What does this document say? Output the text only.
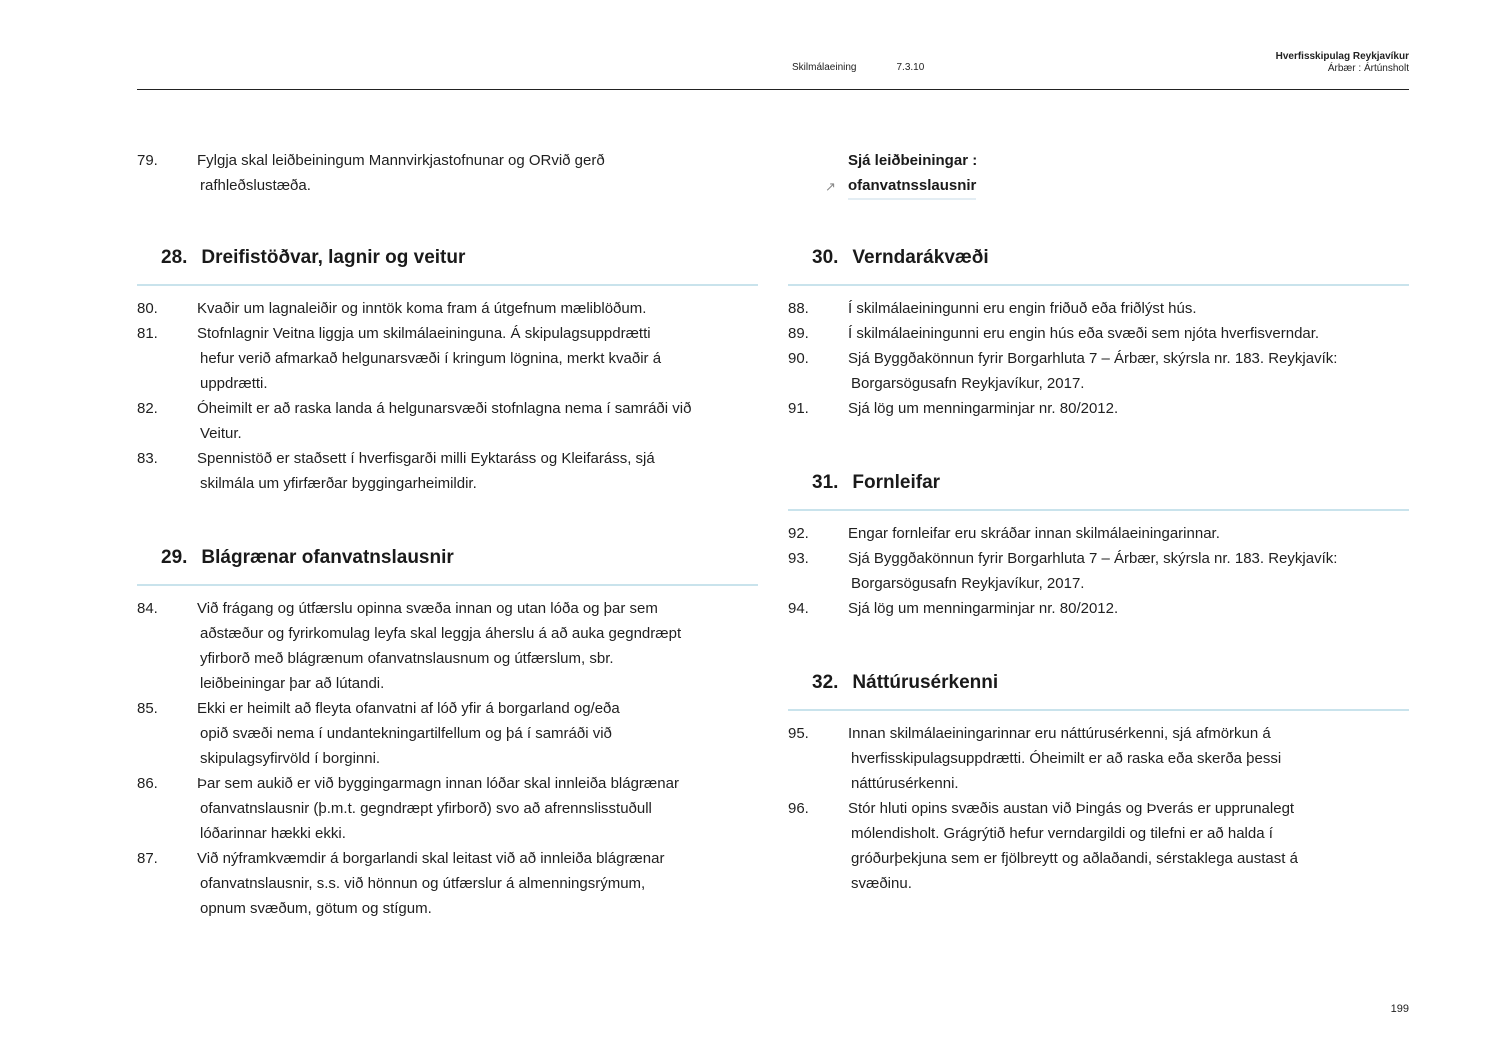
Skilmálaeining	7.3.10
Hverfisskipulag Reykjavíkur
Árbær : Ártúnsholt
Sjá leiðbeiningar :
↗ ofanvatnsslausnir
79.	Fylgja skal leiðbeiningum Mannvirkjastofnunar og ORvið gerð
rafhleðslustæða.
28. Dreifistöðvar, lagnir og veitur
80.	Kvaðir um lagnaleiðir og inntök koma fram á útgefnum mæliblöðum.
81.	Stofnlagnir Veitna liggja um skilmálaeininguna. Á skipulagsuppdrætti
hefur verið afmarkað helgunarsvæði í kringum lögnina, merkt kvaðir á
uppdrætti.
82.	Óheimilt er að raska landa á helgunarsvæði stofnlagna nema í samráði við
Veitur.
83.	Spennistöð er staðsett í hverfisgarði milli Eyktaráss og Kleifaráss, sjá
skilmála um yfirfærðar byggingarheimildir.
29. Blágrænar ofanvatnslausnir
84.	Við frágang og útfærslu opinna svæða innan og utan lóða og þar sem
aðstæður og fyrirkomulag leyfa skal leggja áherslu á að auka gegndræpt
yfirborð með blágrænum ofanvatnslausnum og útfærslum, sbr.
leiðbeiningar þar að lútandi.
85.	Ekki er heimilt að fleyta ofanvatni af lóð yfir á borgarland og/eða
opið svæði nema í undantekningartilfellum og þá í samráði við
skipulagsyfirvöld í borginni.
86.	Þar sem aukið er við byggingarmagn innan lóðar skal innleiða blágrænar
ofanvatnslausnir (þ.m.t. gegndræpt yfirborð) svo að afrennslisstuðull
lóðarinnar hækki ekki.
87.	Við nýframkvæmdir á borgarlandi skal leitast við að innleiða blágrænar
ofanvatnslausnir, s.s. við hönnun og útfærslur á almenningsrýmum,
opnum svæðum, götum og stígum.
30. Verndarákvæði
88.	Í skilmálaeiningunni eru engin friðuð eða friðlýst hús.
89.	Í skilmálaeiningunni eru engin hús eða svæði sem njóta hverfisverndar.
90.	Sjá Byggðakönnun fyrir Borgarhluta 7 – Árbær, skýrsla nr. 183. Reykjavík:
Borgarsögusafn Reykjavíkur, 2017.
91.	Sjá lög um menningarminjar nr. 80/2012.
31. Fornleifar
92.	Engar fornleifar eru skráðar innan skilmálaeiningarinnar.
93.	Sjá Byggðakönnun fyrir Borgarhluta 7 – Árbær, skýrsla nr. 183. Reykjavík:
Borgarsögusafn Reykjavíkur, 2017.
94.	Sjá lög um menningarminjar nr. 80/2012.
32. Náttúrusérkenni
95.	Innan skilmálaeiningarinnar eru náttúrusérkenni, sjá afmörkun á
hverfisskipulagsuppdrætti. Óheimilt er að raska eða skerða þessi
náttúrusérkenni.
96.	Stór hluti opins svæðis austan við Þingás og Þverás er upprunalegt
mólendisholt. Grágrýtið hefur verndargildi og tilefni er að halda í
gróðurþekjuna sem er fjölbreytt og aðlaðandi, sérstaklega austast á
svæðinu.
199
